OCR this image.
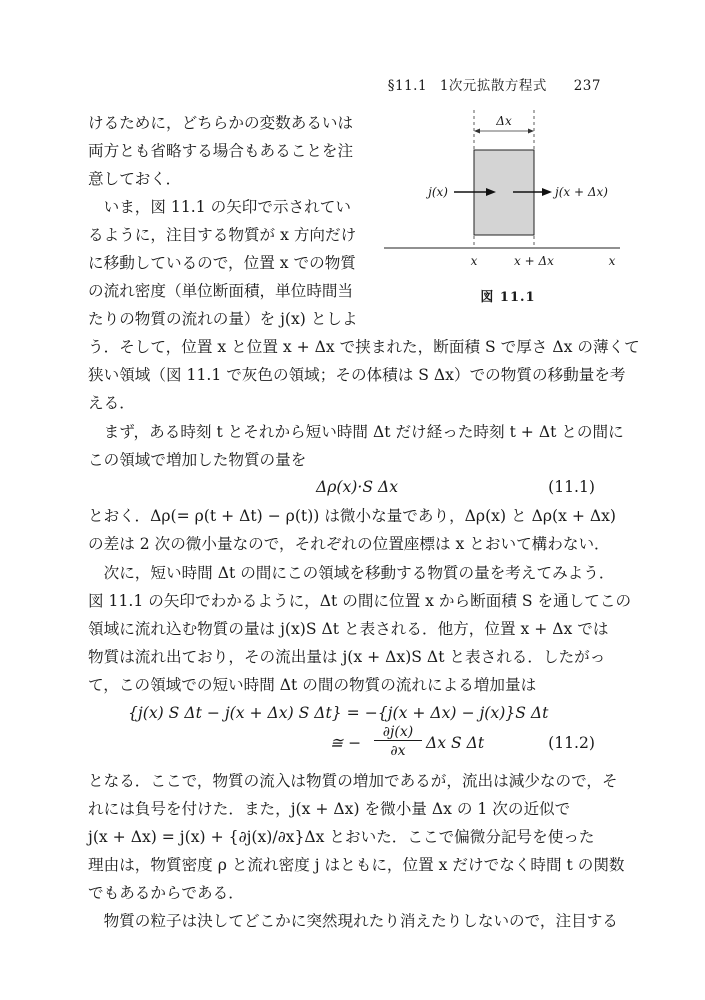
§11.1 1次元拡散方程式 237
Δx
j(x)	j(x + Δx)
x	x + Δx	x
図 11.1
けるために，どちらかの変数あるいは
両方とも省略する場合もあることを注
意しておく．
　いま，図 11.1 の矢印で示されてい
るように，注目する物質が x 方向だけ
に移動しているので，位置 x での物質
の流れ密度（単位断面積，単位時間当
たりの物質の流れの量）を j(x) としよ
う．そして，位置 x と位置 x + Δx で挟まれた，断面積 S で厚さ Δx の薄くて
狭い領域（図 11.1 で灰色の領域；その体積は S Δx）での物質の移動量を考
える．
　まず，ある時刻 t とそれから短い時間 Δt だけ経った時刻 t + Δt との間に
この領域で増加した物質の量を
Δρ(x)·S Δx	(11.1)
とおく．Δρ(= ρ(t + Δt) − ρ(t)) は微小な量であり，Δρ(x) と Δρ(x + Δx)
の差は 2 次の微小量なので，それぞれの位置座標は x とおいて構わない．
　次に，短い時間 Δt の間にこの領域を移動する物質の量を考えてみよう．
図 11.1 の矢印でわかるように，Δt の間に位置 x から断面積 S を通してこの
領域に流れ込む物質の量は j(x)S Δt と表される．他方，位置 x + Δx では
物質は流れ出ており，その流出量は j(x + Δx)S Δt と表される．したがっ
て，この領域での短い時間 Δt の間の物質の流れによる増加量は
{j(x) S Δt − j(x + Δx) S Δt} = −{j(x + Δx) − j(x)}S Δt
≅ −
∂j(x)
∂x	Δx S Δt	(11.2)
となる．ここで，物質の流入は物質の増加であるが，流出は減少なので，そ
れには負号を付けた．また，j(x + Δx) を微小量 Δx の 1 次の近似で
j(x + Δx) = j(x) + {∂j(x)/∂x}Δx とおいた．ここで偏微分記号を使った
理由は，物質密度 ρ と流れ密度 j はともに，位置 x だけでなく時間 t の関数
でもあるからである．
　物質の粒子は決してどこかに突然現れたり消えたりしないので，注目する
